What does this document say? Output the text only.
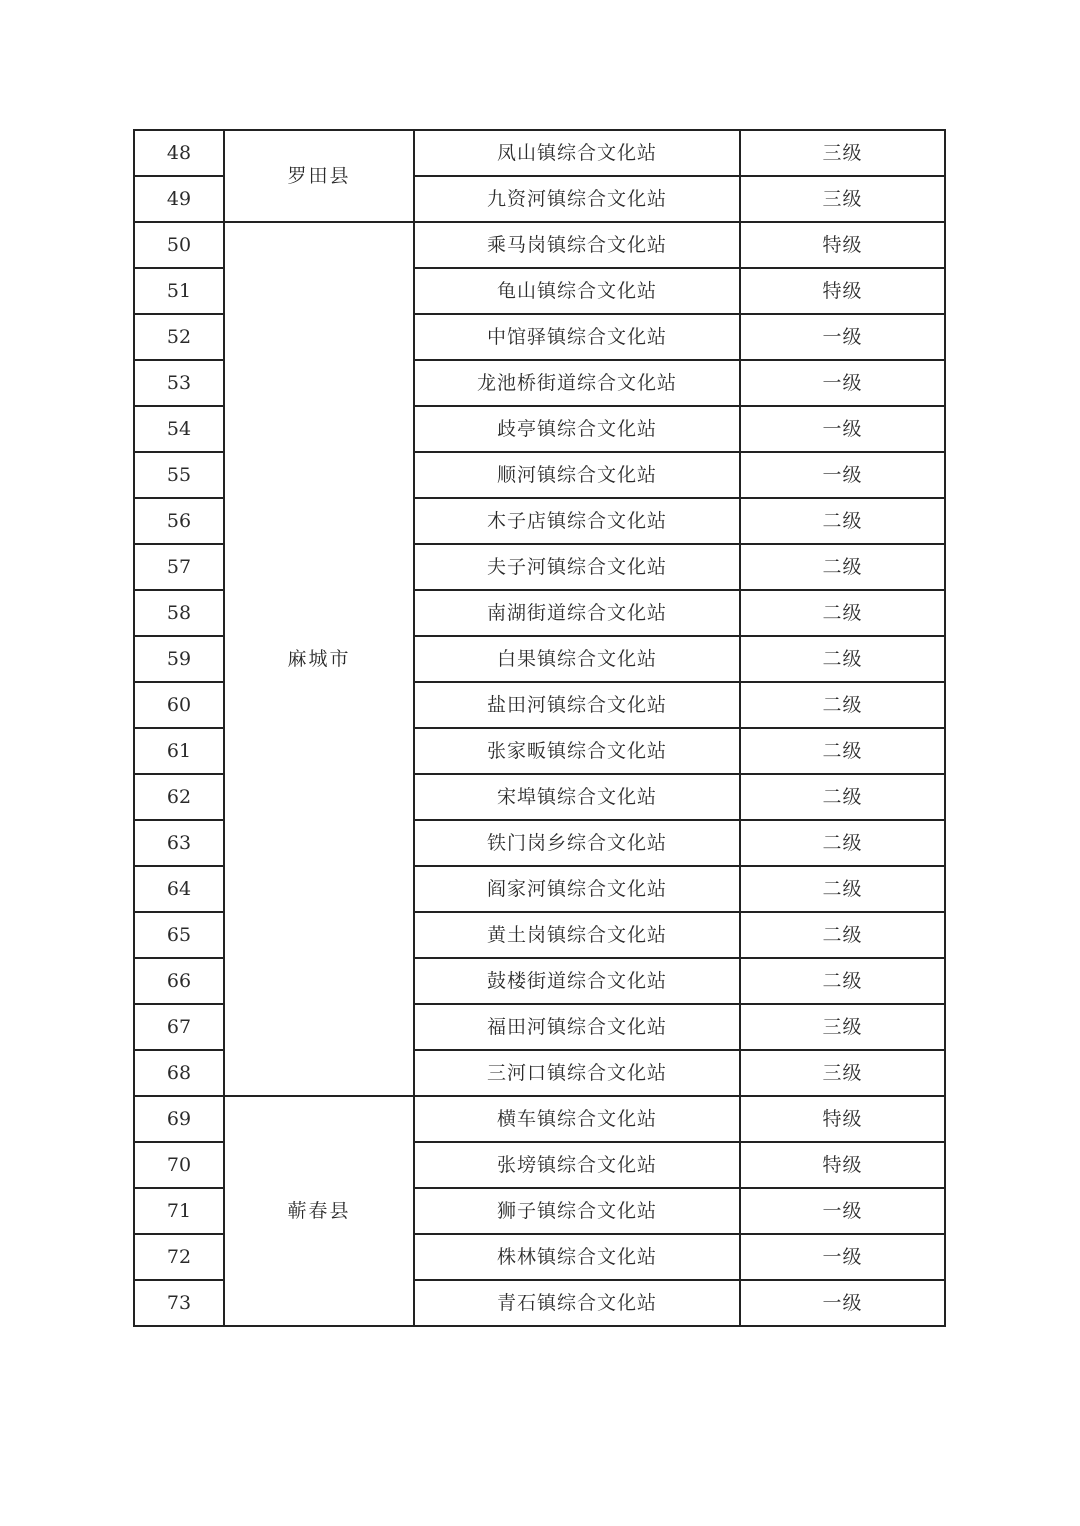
48	罗田县	凤山镇综合文化站	三级
49		九资河镇综合文化站	三级
50	麻城市	乘马岗镇综合文化站	特级
51		龟山镇综合文化站	特级
52		中馆驿镇综合文化站	一级
53		龙池桥街道综合文化站	一级
54		歧亭镇综合文化站	一级
55		顺河镇综合文化站	一级
56		木子店镇综合文化站	二级
57		夫子河镇综合文化站	二级
58		南湖街道综合文化站	二级
59		白果镇综合文化站	二级
60		盐田河镇综合文化站	二级
61		张家畈镇综合文化站	二级
62		宋埠镇综合文化站	二级
63		铁门岗乡综合文化站	二级
64		阎家河镇综合文化站	二级
65		黄土岗镇综合文化站	二级
66		鼓楼街道综合文化站	二级
67		福田河镇综合文化站	三级
68		三河口镇综合文化站	三级
69	蕲春县	横车镇综合文化站	特级
70		张塝镇综合文化站	特级
71		狮子镇综合文化站	一级
72		株林镇综合文化站	一级
73		青石镇综合文化站	一级
